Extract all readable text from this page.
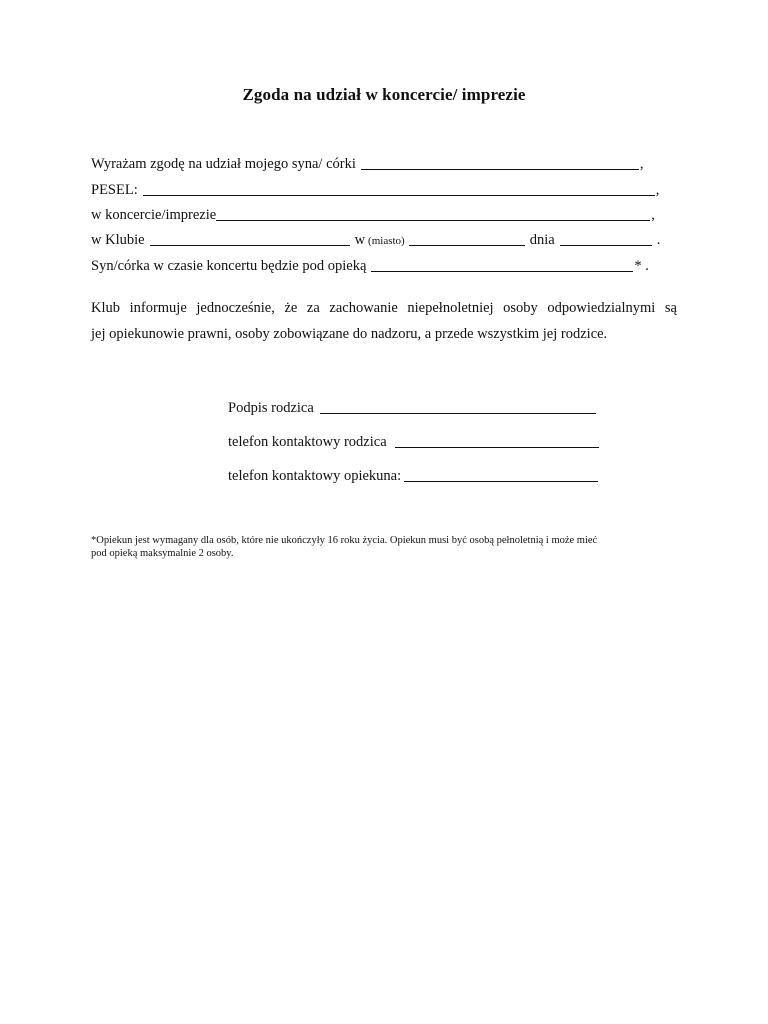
Zgoda na udział w koncercie/ imprezie
Wyrażam zgodę na udział mojego syna/ córki	,
PESEL:	,
w koncercie/imprezie	,
w Klubie	w (miasto)	dnia	.
Syn/córka w czasie koncertu będzie pod opieką	* .
Klub informuje jednocześnie, że za zachowanie niepełnoletniej osoby odpowiedzialnymi są
jej opiekunowie prawni, osoby zobowiązane do nadzoru, a przede wszystkim jej rodzice.
Podpis rodzica
telefon kontaktowy rodzica
telefon kontaktowy opiekuna:
*Opiekun jest wymagany dla osób, które nie ukończyły 16 roku życia. Opiekun musi być osobą pełnoletnią i może mieć
pod opieką maksymalnie 2 osoby.
